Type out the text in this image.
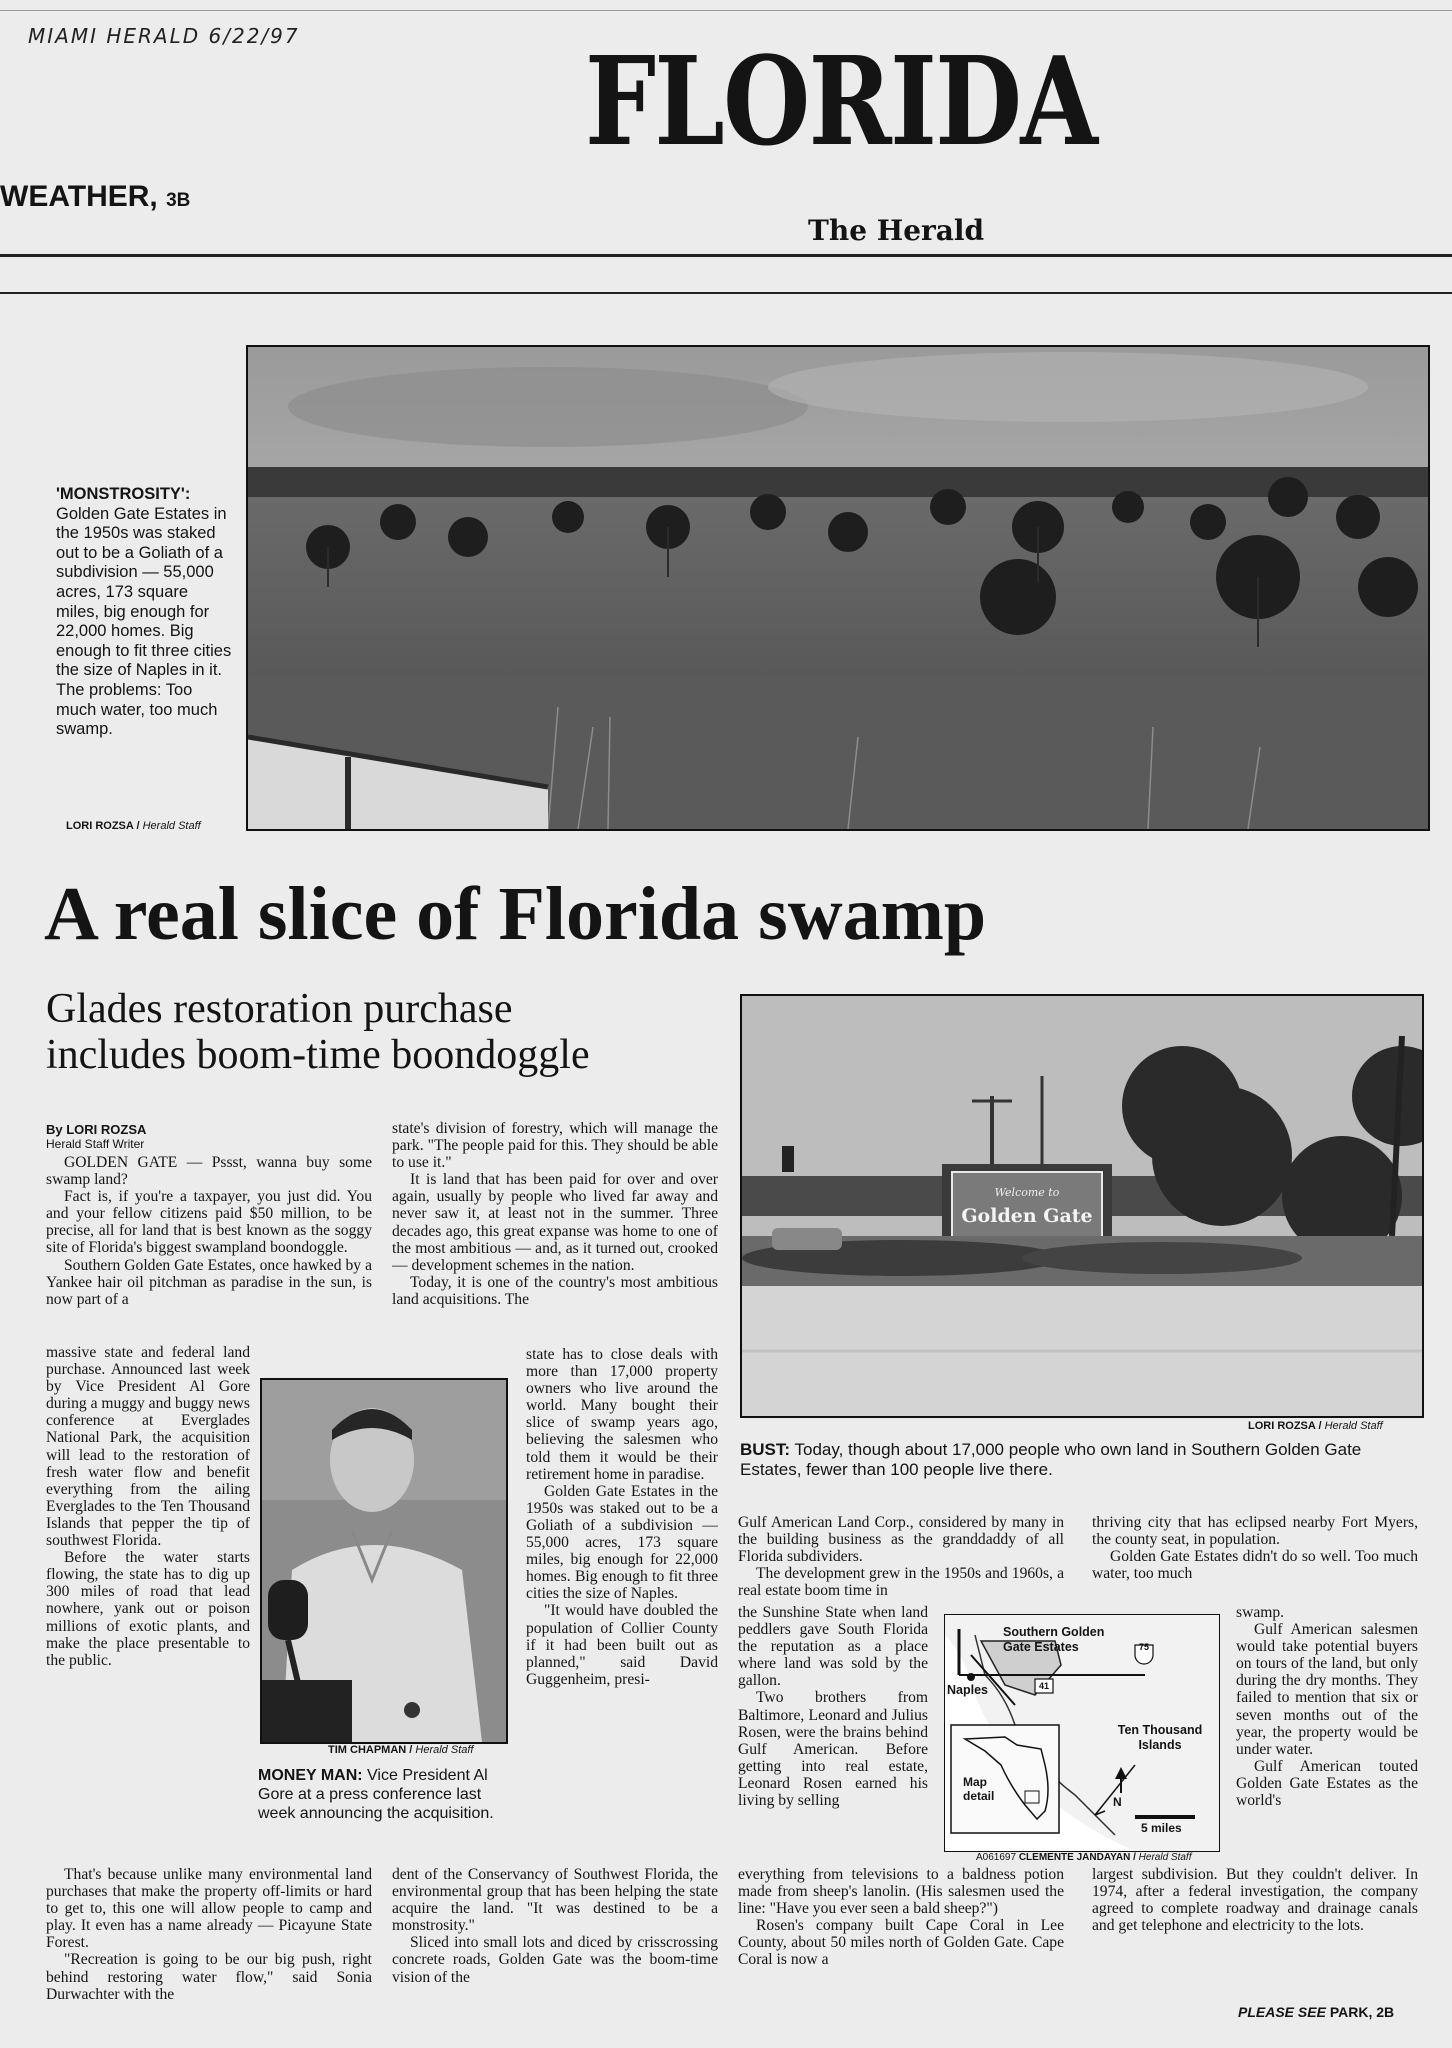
MIAMI HERALD 6/22/97 FLORIDA
The Herald
WEATHER, 3B
'MONSTROSITY': Golden Gate Estates in the 1950s was staked out to be a Goliath of a subdivision — 55,000 acres, 173 square miles, big enough for 22,000 homes. Big enough to fit three cities the size of Naples in it. The problems: Too much water, too much swamp.
LORI ROZSA / Herald Staff
A real slice of Florida swamp
Glades restoration purchase
includes boom-time boondoggle
Welcome to
Golden Gate
LORI ROZSA / Herald Staff
BUST: Today, though about 17,000 people who own land in Southern Golden Gate Estates, fewer than 100 people live there.
TIM CHAPMAN / Herald Staff
MONEY MAN: Vice President Al Gore at a press conference last week announcing the acquisition.
By LORI ROZSA
Herald Staff Writer

GOLDEN GATE — Pssst, wanna buy some swamp land?

Fact is, if you're a taxpayer, you just did. You and your fellow citizens paid $50 million, to be precise, all for land that is best known as the soggy site of Florida's biggest swampland boondoggle.

Southern Golden Gate Estates, once hawked by a Yankee hair oil pitchman as paradise in the sun, is now part of a

massive state and federal land purchase. Announced last week by Vice President Al Gore during a muggy and buggy news conference at Everglades National Park, the acquisition will lead to the restoration of fresh water flow and benefit everything from the ailing Everglades to the Ten Thousand Islands that pepper the tip of southwest Florida.

Before the water starts flowing, the state has to dig up 300 miles of road that lead nowhere, yank out or poison millions of exotic plants, and make the place presentable to the public.

That's because unlike many environmental land purchases that make the property off-limits or hard to get to, this one will allow people to camp and play. It even has a name already — Picayune State Forest.

"Recreation is going to be our big push, right behind restoring water flow," said Sonia Durwachter with the

state's division of forestry, which will manage the park. "The people paid for this. They should be able to use it."

It is land that has been paid for over and over again, usually by people who lived far away and never saw it, at least not in the summer. Three decades ago, this great expanse was home to one of the most ambitious — and, as it turned out, crooked — development schemes in the nation.

Today, it is one of the country's most ambitious land acquisitions. The

state has to close deals with more than 17,000 property owners who live around the world. Many bought their slice of swamp years ago, believing the salesmen who told them it would be their retirement home in paradise.

Golden Gate Estates in the 1950s was staked out to be a Goliath of a subdivision — 55,000 acres, 173 square miles, big enough for 22,000 homes. Big enough to fit three cities the size of Naples.

"It would have doubled the population of Collier County if it had been built out as planned," said David Guggenheim, presi-

dent of the Conservancy of Southwest Florida, the environmental group that has been helping the state acquire the land. "It was destined to be a monstrosity."

Sliced into small lots and diced by crisscrossing concrete roads, Golden Gate was the boom-time vision of the

Gulf American Land Corp., considered by many in the building business as the granddaddy of all Florida subdividers.

The development grew in the 1950s and 1960s, a real estate boom time in

the Sunshine State when land peddlers gave South Florida the reputation as a place where land was sold by the gallon.

Two brothers from Baltimore, Leonard and Julius Rosen, were the brains behind Gulf American. Before getting into real estate, Leonard Rosen earned his living by selling

everything from televisions to a baldness potion made from sheep's lanolin. (His salesmen used the line: "Have you ever seen a bald sheep?")

Rosen's company built Cape Coral in Lee County, about 50 miles north of Golden Gate. Cape Coral is now a

thriving city that has eclipsed nearby Fort Myers, the county seat, in population.

Golden Gate Estates didn't do so well. Too much water, too much

swamp.

Gulf American salesmen would take potential buyers on tours of the land, but only during the dry months. They failed to mention that six or seven months out of the year, the property would be under water.

Gulf American touted Golden Gate Estates as the world's

largest subdivision. But they couldn't deliver. In 1974, after a federal investigation, the company agreed to complete roadway and drainage canals and get telephone and electricity to the lots.

Southern Golden Gate Estates
Naples
Ten Thousand Islands
Map detail	N
5 miles
75
41
A061697 CLEMENTE JANDAYAN / Herald Staff
PLEASE SEE PARK, 2B
